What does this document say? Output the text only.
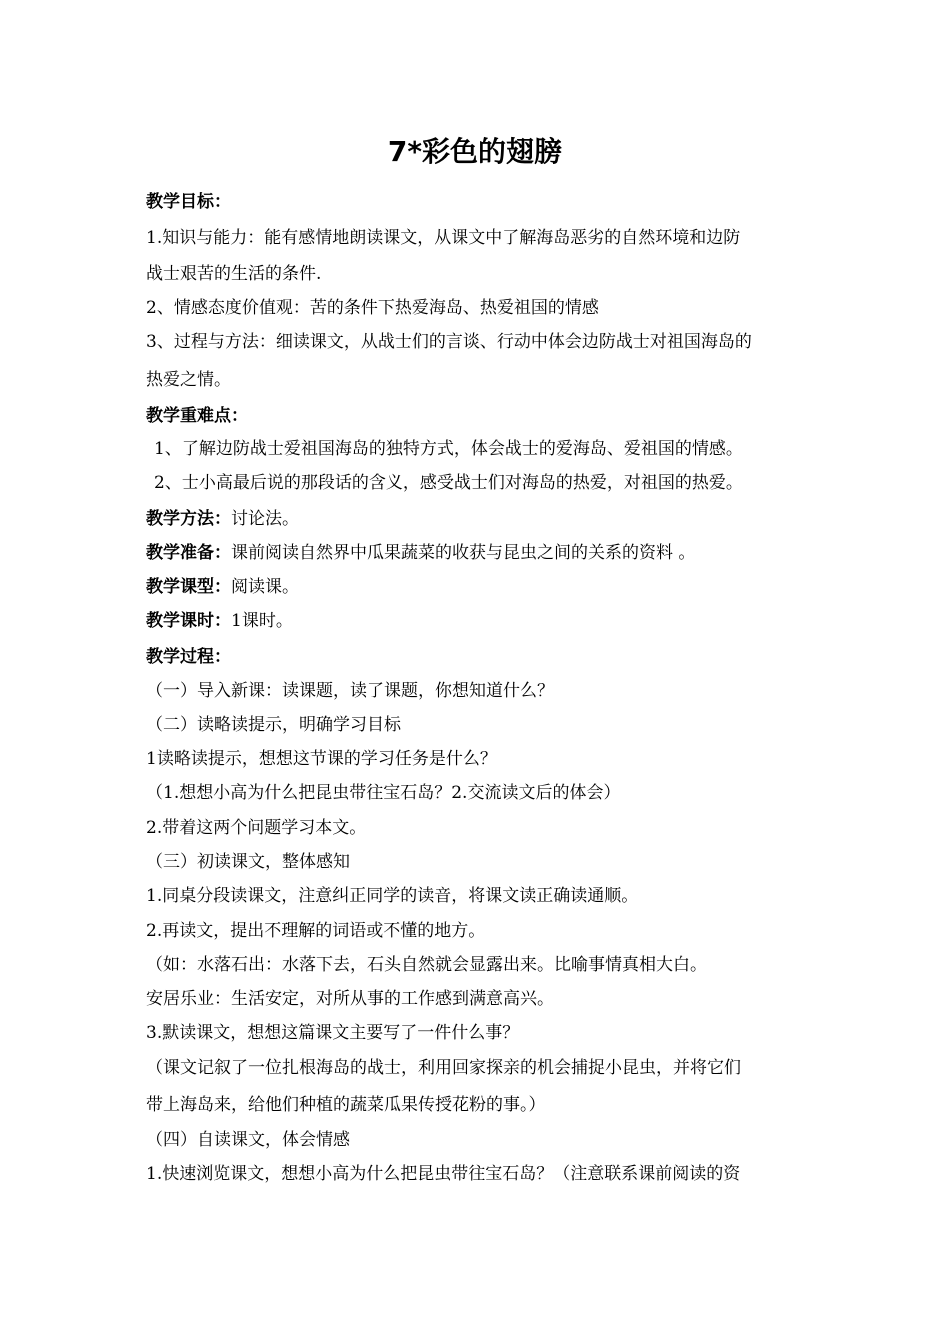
7*彩色的翅膀
教学目标：
1.知识与能力：能有感情地朗读课文，从课文中了解海岛恶劣的自然环境和边防
战士艰苦的生活的条件.
2、情感态度价值观：苦的条件下热爱海岛、热爱祖国的情感
3、过程与方法：细读课文，从战士们的言谈、行动中体会边防战士对祖国海岛的
热爱之情。
教学重难点：
1、了解边防战士爱祖国海岛的独特方式，体会战士的爱海岛、爱祖国的情感。
2、士小高最后说的那段话的含义，感受战士们对海岛的热爱，对祖国的热爱。
教学方法：讨论法。
教学准备：课前阅读自然界中瓜果蔬菜的收获与昆虫之间的关系的资料 。
教学课型：阅读课。
教学课时：1课时。
教学过程：
（一）导入新课：读课题，读了课题，你想知道什么？
（二）读略读提示，明确学习目标
1读略读提示，想想这节课的学习任务是什么？
（1.想想小高为什么把昆虫带往宝石岛？2.交流读文后的体会）
2.带着这两个问题学习本文。
（三）初读课文，整体感知
1.同桌分段读课文，注意纠正同学的读音，将课文读正确读通顺。
2.再读文，提出不理解的词语或不懂的地方。
（如：水落石出：水落下去，石头自然就会显露出来。比喻事情真相大白。
安居乐业：生活安定，对所从事的工作感到满意高兴。
3.默读课文，想想这篇课文主要写了一件什么事？
（课文记叙了一位扎根海岛的战士，利用回家探亲的机会捕捉小昆虫，并将它们
带上海岛来，给他们种植的蔬菜瓜果传授花粉的事。）
（四）自读课文，体会情感
1.快速浏览课文，想想小高为什么把昆虫带往宝石岛？（注意联系课前阅读的资
